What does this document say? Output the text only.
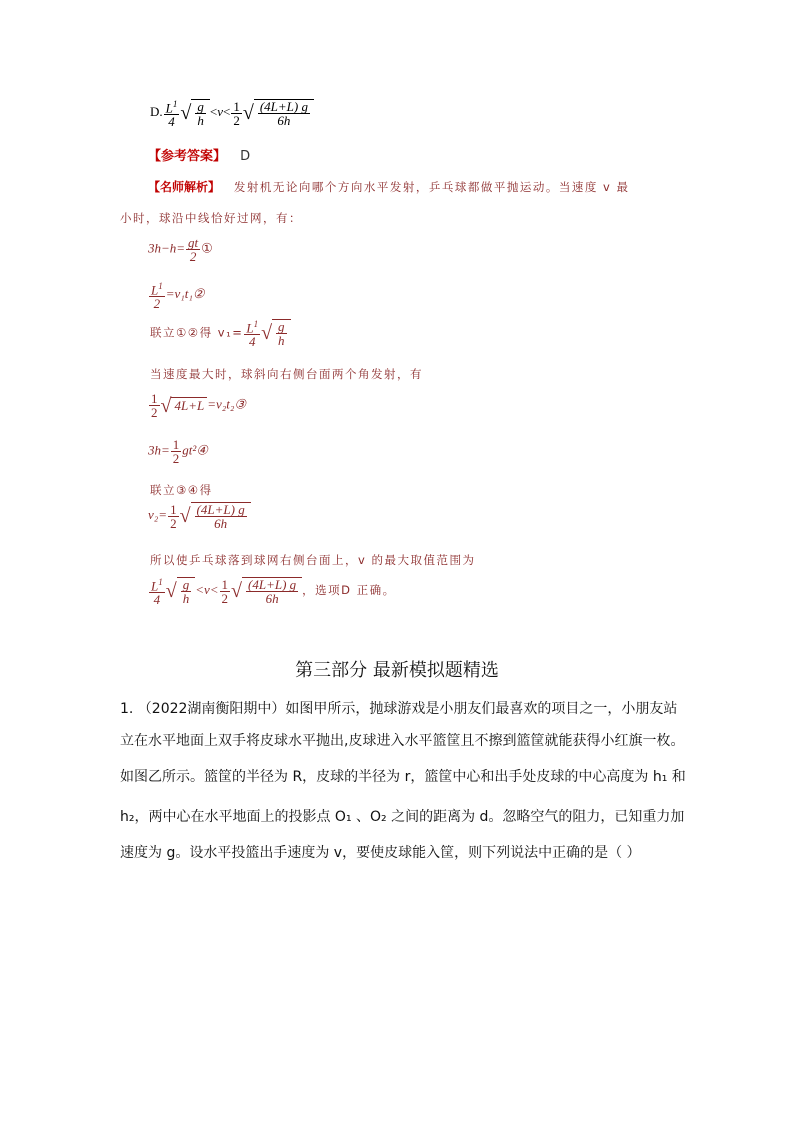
D. $\frac{L^1}{4}$ √ $\frac{g}{h} <v< \frac{1}{2}$ √ $\frac{(4L+L) g}{6h}$
【参考答案】 D
【名师解析】 发射机无论向哪个方向水平发射，乒乓球都做平抛运动。当速度 v 最
小时，球沿中线恰好过网，有：
$3h-h= \frac{gt}{2}$ ①
$\frac{L^1}{2}$ =v₁t₁②
联立①②得 $v_1= \frac{L^1}{4}$ √ $\frac{g}{h}$
当速度最大时，球斜向右侧台面两个角发射，有
$\frac{1}{2}$ √ 4L+L =v₂t₂③
$3h= \frac{1}{2}$ gt²④
联立③④得
$v_2= \frac{1}{2}$ √ $\frac{(4L+L) g}{6h}$
所以使乒乓球落到球网右侧台面上，v 的最大取值范围为
$\frac{L^1}{4}$ √ $\frac{g}{h} <v< \frac{1}{2}$ √ $\frac{(4L+L) g}{6h}$ ，选项D 正确。
第三部分 最新模拟题精选
1. （2022湖南衡阳期中）如图甲所示，抛球游戏是小朋友们最喜欢的项目之一，小朋友站
立在水平地面上双手将皮球水平抛出,皮球进入水平篮筐且不擦到篮筐就能获得小红旗一枚。
如图乙所示。篮筐的半径为 R，皮球的半径为 r，篮筐中心和出手处皮球的中心高度为 h₁ 和
h₂，两中心在水平地面上的投影点 O₁ 、O₂ 之间的距离为 d。忽略空气的阻力，已知重力加
速度为 g。设水平投篮出手速度为 v，要使皮球能入筐，则下列说法中正确的是（ ）
